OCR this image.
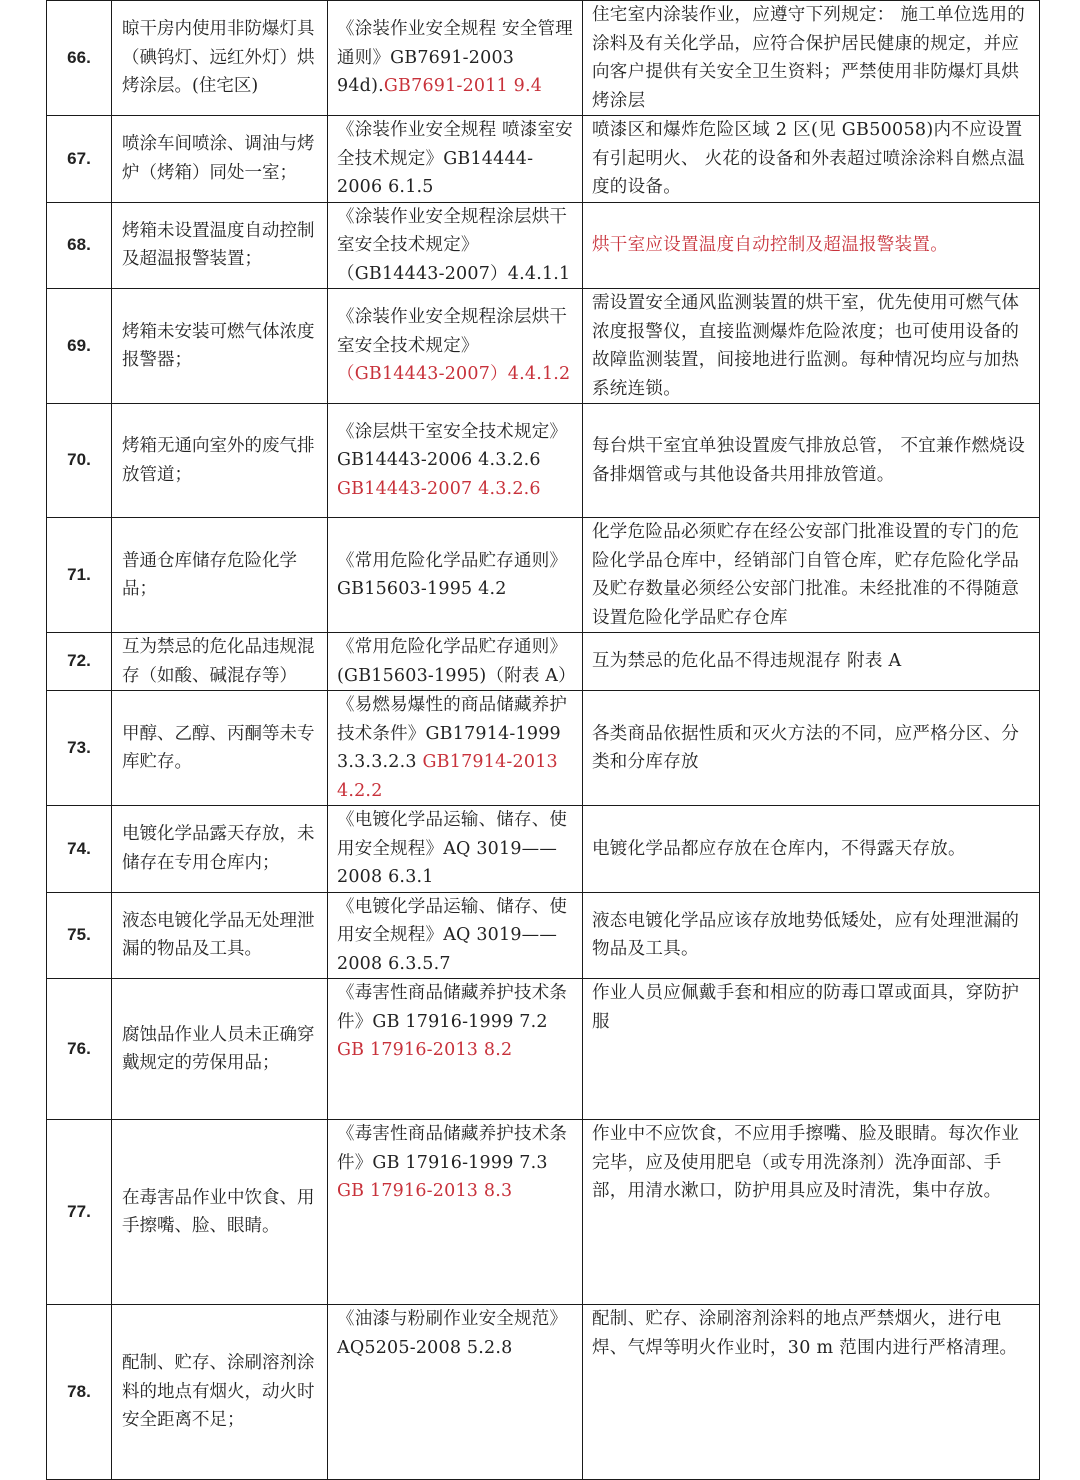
66.	晾干房内使用非防爆灯具（碘钨灯、远红外灯）烘烤涂层。(住宅区)	《涂装作业安全规程 安全管理通则》GB7691-2003 94d).GB7691-2011 9.4	住宅室内涂装作业，应遵守下列规定： 施工单位选用的涂料及有关化学品，应符合保护居民健康的规定，并应向客户提供有关安全卫生资料；严禁使用非防爆灯具烘烤涂层
67.	喷涂车间喷涂、调油与烤炉（烤箱）同处一室；	《涂装作业安全规程 喷漆室安全技术规定》GB14444-2006 6.1.5	喷漆区和爆炸危险区域 2 区(见 GB50058)内不应设置有引起明火、 火花的设备和外表超过喷涂涂料自燃点温度的设备。
68.	烤箱未设置温度自动控制及超温报警装置；	《涂装作业安全规程涂层烘干室安全技术规定》（GB14443-2007）4.4.1.1	烘干室应设置温度自动控制及超温报警装置。
69.	烤箱未安装可燃气体浓度报警器；	《涂装作业安全规程涂层烘干室安全技术规定》（GB14443-2007）4.4.1.2	需设置安全通风监测装置的烘干室，优先使用可燃气体浓度报警仪，直接监测爆炸危险浓度；也可使用设备的故障监测装置，间接地进行监测。每种情况均应与加热系统连锁。
70.	烤箱无通向室外的废气排放管道；	《涂层烘干室安全技术规定》 GB14443-2006 4.3.2.6 GB14443-2007 4.3.2.6	每台烘干室宜单独设置废气排放总管， 不宜兼作燃烧设备排烟管或与其他设备共用排放管道。
71.	普通仓库储存危险化学品；	《常用危险化学品贮存通则》GB15603-1995 4.2	化学危险品必须贮存在经公安部门批准设置的专门的危险化学品仓库中，经销部门自管仓库，贮存危险化学品及贮存数量必须经公安部门批准。未经批准的不得随意设置危险化学品贮存仓库
72.	互为禁忌的危化品违规混存（如酸、碱混存等）	《常用危险化学品贮存通则》(GB15603-1995)（附表 A）	互为禁忌的危化品不得违规混存 附表 A
73.	甲醇、乙醇、丙酮等未专库贮存。	《易燃易爆性的商品储藏养护技术条件》GB17914-1999 3.3.3.2.3 GB17914-2013 4.2.2	各类商品依据性质和灭火方法的不同，应严格分区、分类和分库存放
74.	电镀化学品露天存放，未储存在专用仓库内；	《电镀化学品运输、储存、使用安全规程》AQ 3019——2008 6.3.1	电镀化学品都应存放在仓库内，不得露天存放。
75.	液态电镀化学品无处理泄漏的物品及工具。	《电镀化学品运输、储存、使用安全规程》AQ 3019——2008 6.3.5.7	液态电镀化学品应该存放地势低矮处，应有处理泄漏的物品及工具。
76.	腐蚀品作业人员未正确穿戴规定的劳保用品；	《毒害性商品储藏养护技术条件》GB 17916-1999 7.2 GB 17916-2013 8.2	作业人员应佩戴手套和相应的防毒口罩或面具，穿防护服
77.	在毒害品作业中饮食、用手擦嘴、脸、眼睛。	《毒害性商品储藏养护技术条件》GB 17916-1999 7.3 GB 17916-2013 8.3	作业中不应饮食，不应用手擦嘴、脸及眼睛。每次作业完毕，应及使用肥皂（或专用洗涤剂）洗净面部、手部，用清水漱口，防护用具应及时清洗，集中存放。
78.	配制、贮存、涂刷溶剂涂料的地点有烟火，动火时安全距离不足；	《油漆与粉刷作业安全规范》AQ5205-2008 5.2.8	配制、贮存、涂刷溶剂涂料的地点严禁烟火，进行电焊、气焊等明火作业时，30 m 范围内进行严格清理。
